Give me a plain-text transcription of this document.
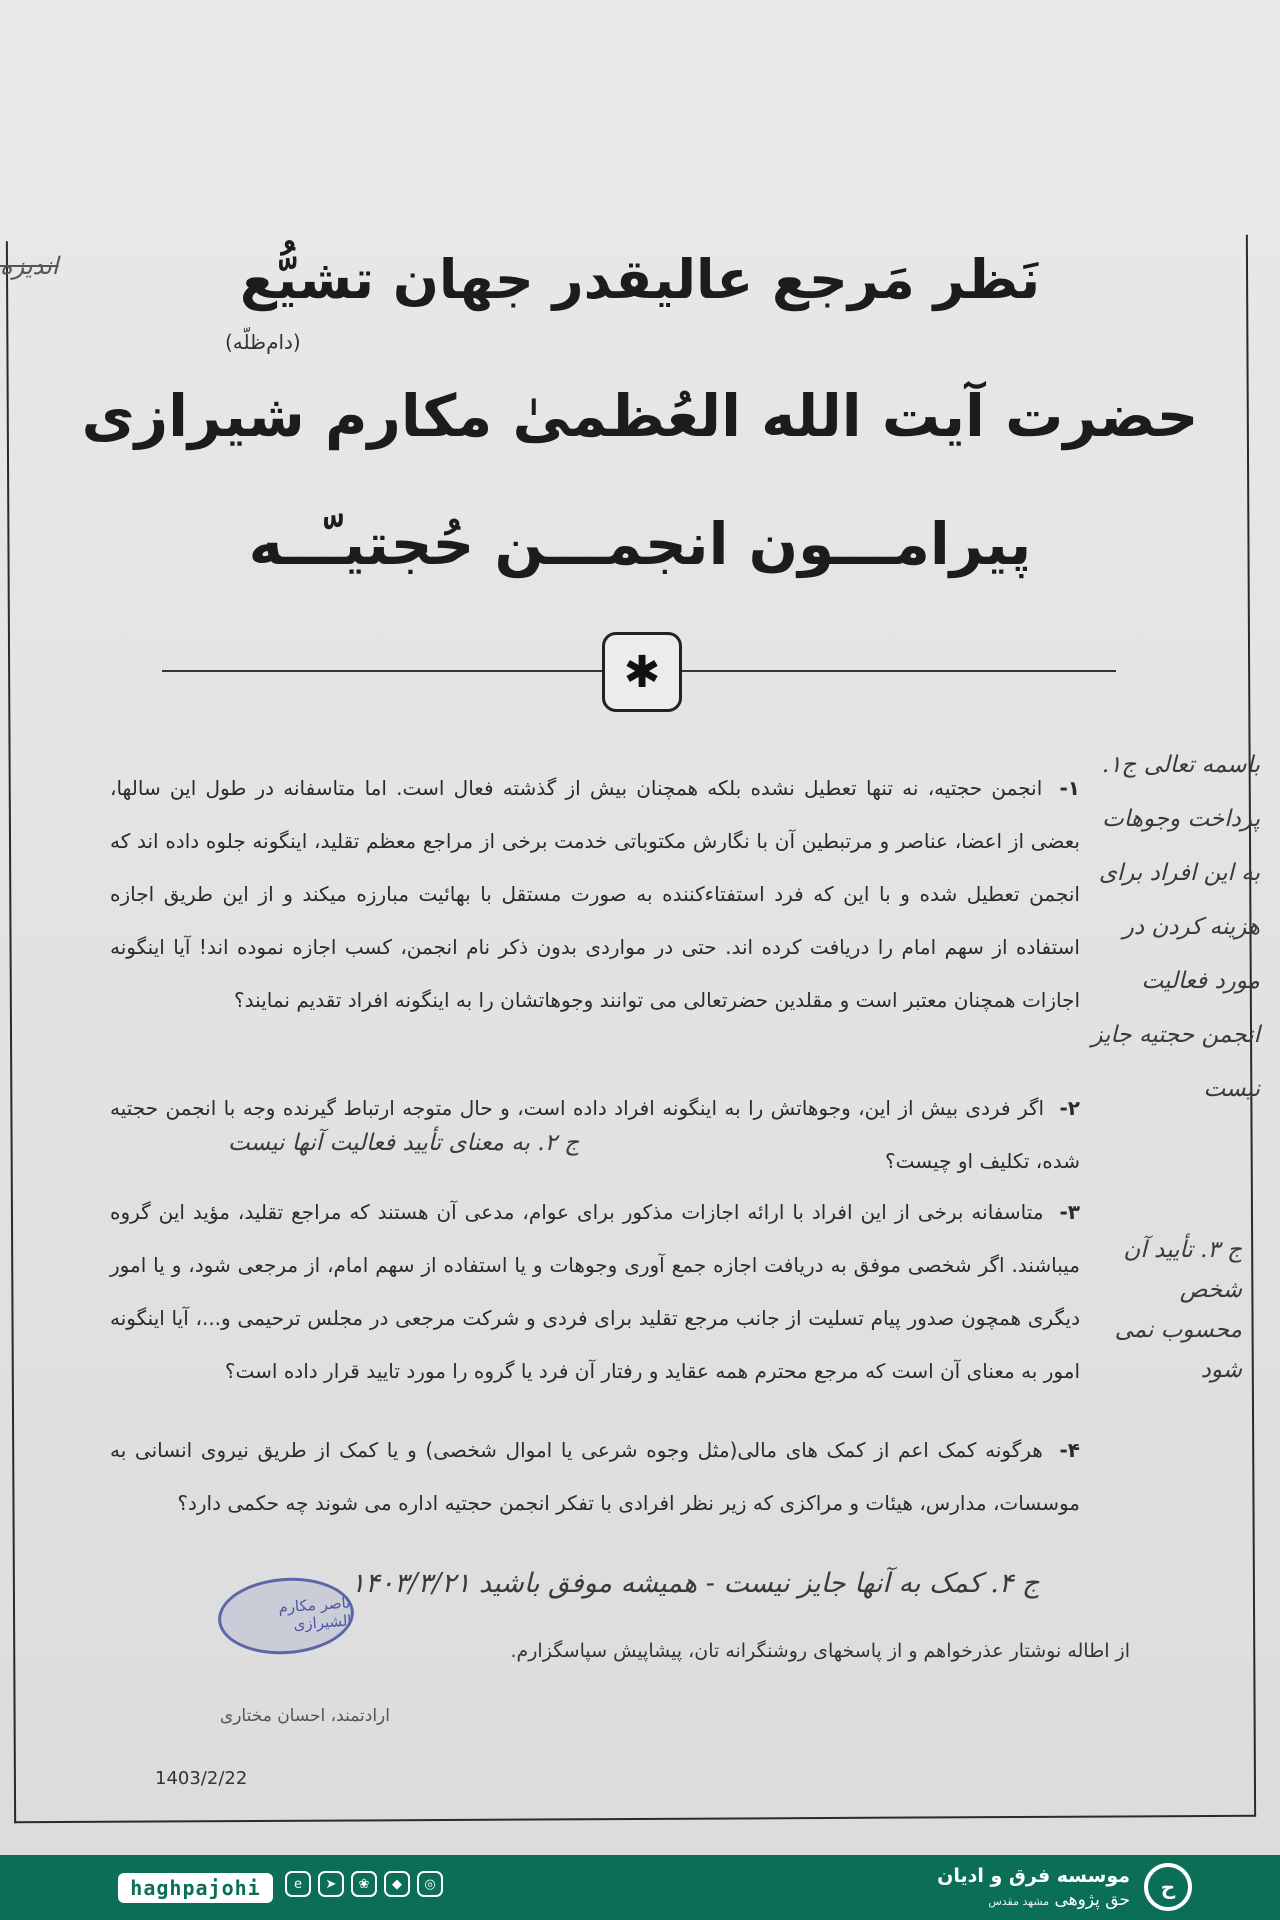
اندیزه	نَظر مَرجع عالیقدر جهان تشیُّع
(دام‌ظلّه)
حضرت آیت الله العُظمیٰ مکارم شیرازی
پیرامـــون انجمـــن حُجتیـّــه
✱
۱- انجمن حجتیه، نه تنها تعطیل نشده بلکه همچنان بیش از گذشته فعال است. اما متاسفانه در طول این سالها، بعضی از اعضا، عناصر و مرتبطین آن با نگارش مکتوباتی خدمت برخی از مراجع معظم تقلید، اینگونه جلوه داده اند که انجمن تعطیل شده و با این که فرد استفتاءکننده به صورت مستقل با بهائیت مبارزه میکند و از این طریق اجازه استفاده از سهم امام را دریافت کرده اند. حتی در مواردی بدون ذکر نام انجمن، کسب اجازه نموده اند! آیا اینگونه اجازات همچنان معتبر است و مقلدین حضرتعالی می توانند وجوهاتشان را به اینگونه افراد تقدیم نمایند؟
۲- اگر فردی بیش از این، وجوهاتش را به اینگونه افراد داده است، و حال متوجه ارتباط گیرنده وجه با انجمن حجتیه شده، تکلیف او چیست؟
۳- متاسفانه برخی از این افراد با ارائه اجازات مذکور برای عوام، مدعی آن هستند که مراجع تقلید، مؤید این گروه میباشند. اگر شخصی موفق به دریافت اجازه جمع آوری وجوهات و یا استفاده از سهم امام، از مرجعی شود، و یا امور دیگری همچون صدور پیام تسلیت از جانب مرجع تقلید برای فردی و شرکت مرجعی در مجلس ترحیمی و...، آیا اینگونه امور به معنای آن است که مرجع محترم همه عقاید و رفتار آن فرد یا گروه را مورد تایید قرار داده است؟
۴- هرگونه کمک اعم از کمک های مالی(مثل وجوه شرعی یا اموال شخصی) و یا کمک از طریق نیروی انسانی به موسسات، مدارس، هیئات و مراکزی که زیر نظر افرادی با تفکر انجمن حجتیه اداره می شوند چه حکمی دارد؟
باسمه تعالی ج۱. پرداخت وجوهات به این افراد برای هزینه کردن در مورد فعالیت انجمن حجتیه جایز نیست
ج ۲. به معنای تأیید فعالیت آنها نیست
ج ۳. تأیید آن شخص محسوب نمی شود
ج ۴. کمک به آنها جایز نیست - همیشه موفق باشید ۱۴۰۳/۳/۲۱
ناصر مکارم الشیرازی
از اطاله نوشتار عذرخواهم و از پاسخهای روشنگرانه تان، پیشاپیش سپاسگزارم.
ارادتمند، احسان مختاری
1403/2/22
haghpajohi	e	➤	❀	◆	◎	موسسه فرق و ادیان
حق پژوهی مشهد مقدس
ح
